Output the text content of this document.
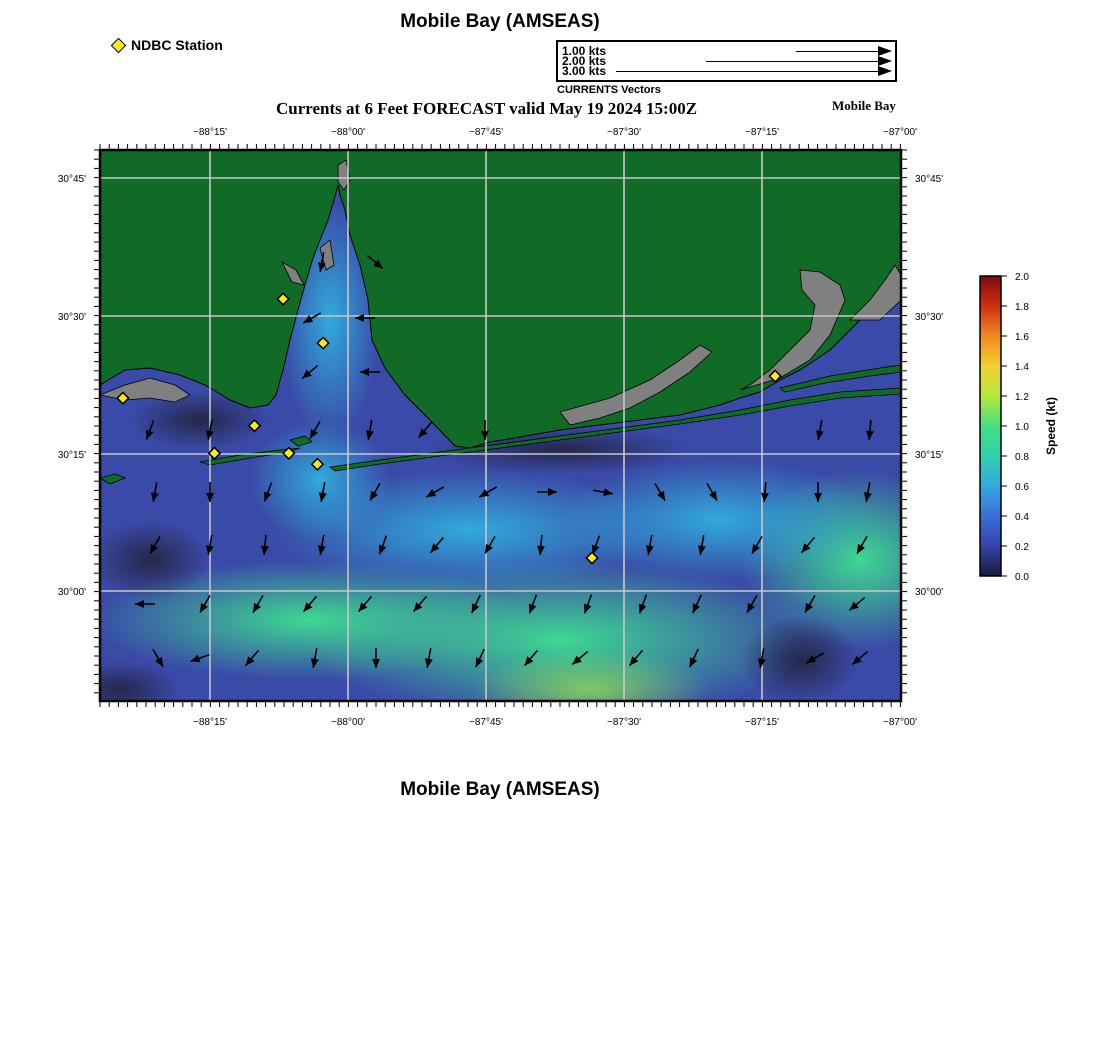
Mobile Bay (AMSEAS)
NDBC Station	1.00 kts
2.00 kts
3.00 kts
CURRENTS Vectors
Currents at 6 Feet FORECAST valid May 19 2024 15:00Z	Mobile Bay
−88°15'	−88°00'	−87°45'	−87°30'	−87°15'	−87°00'
−88°15'	−88°00'	−87°45'	−87°30'	−87°15'	−87°00'
30°45'
30°30'
30°15'
30°00'
30°45'
30°30'
30°15'
30°00'
2.0
1.8
1.6
1.4
1.2
1.0
0.8
0.6
0.4
0.2
0.0
Speed (kt)
Mobile Bay (AMSEAS)
